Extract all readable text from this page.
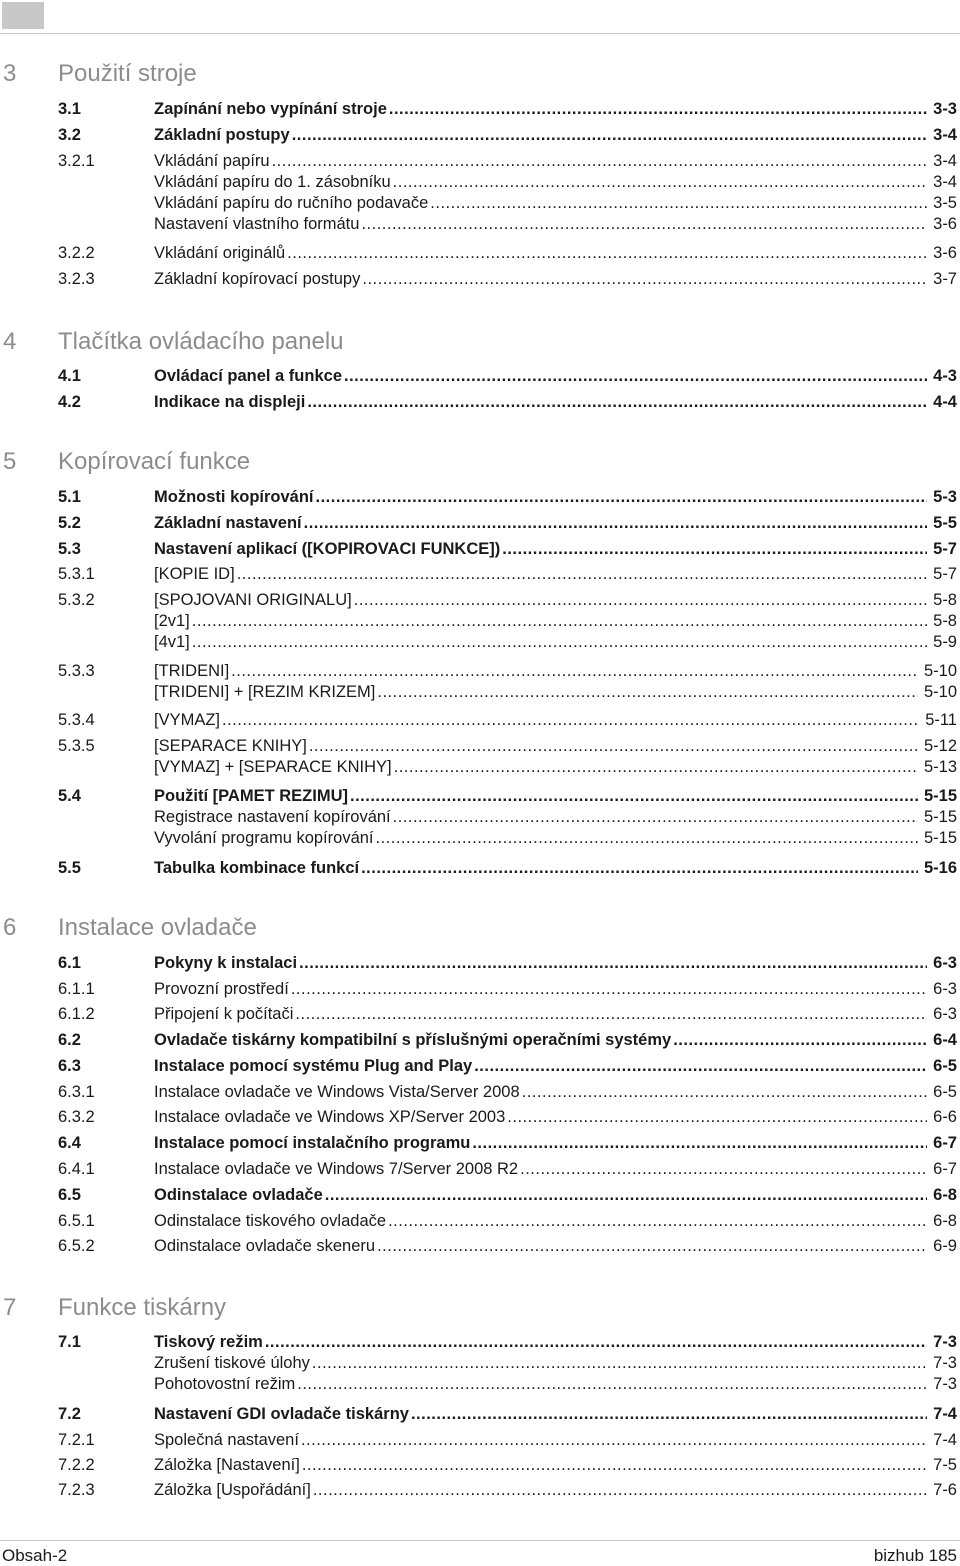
3 Použití stroje
3.1	Zapínání nebo vypínání stroje .....	3-3
3.2	Základní postupy .....	3-4
3.2.1	Vkládání papíru .....	3-4
Vkládání papíru do 1. zásobníku .....	3-4
Vkládání papíru do ručního podavače .....	3-5
Nastavení vlastního formátu .....	3-6
3.2.2	Vkládání originálů .....	3-6
3.2.3	Základní kopírovací postupy .....	3-7
4 Tlačítka ovládacího panelu
4.1	Ovládací panel a funkce .....	4-3
4.2	Indikace na displeji .....	4-4
5 Kopírovací funkce
5.1	Možnosti kopírování .....	5-3
5.2	Základní nastavení .....	5-5
5.3	Nastavení aplikací ([KOPIROVACI FUNKCE]) .....	5-7
5.3.1	[KOPIE ID] .....	5-7
5.3.2	[SPOJOVANI ORIGINALU] .....	5-8
[2v1] .....	5-8
[4v1] .....	5-9
5.3.3	[TRIDENI] .....	5-10
[TRIDENI] + [REZIM KRIZEM] .....	5-10
5.3.4	[VYMAZ] .....	5-11
5.3.5	[SEPARACE KNIHY] .....	5-12
[VYMAZ] + [SEPARACE KNIHY] .....	5-13
5.4	Použití [PAMET REZIMU] .....	5-15
Registrace nastavení kopírování .....	5-15
Vyvolání programu kopírování .....	5-15
5.5	Tabulka kombinace funkcí .....	5-16
6 Instalace ovladače
6.1	Pokyny k instalaci .....	6-3
6.1.1	Provozní prostředí .....	6-3
6.1.2	Připojení k počítači .....	6-3
6.2	Ovladače tiskárny kompatibilní s příslušnými operačními systémy .....	6-4
6.3	Instalace pomocí systému Plug and Play .....	6-5
6.3.1	Instalace ovladače ve Windows Vista/Server 2008 .....	6-5
6.3.2	Instalace ovladače ve Windows XP/Server 2003 .....	6-6
6.4	Instalace pomocí instalačního programu .....	6-7
6.4.1	Instalace ovladače ve Windows 7/Server 2008 R2 .....	6-7
6.5	Odinstalace ovladače .....	6-8
6.5.1	Odinstalace tiskového ovladače .....	6-8
6.5.2	Odinstalace ovladače skeneru .....	6-9
7 Funkce tiskárny
7.1	Tiskový režim .....	7-3
Zrušení tiskové úlohy .....	7-3
Pohotovostní režim .....	7-3
7.2	Nastavení GDI ovladače tiskárny .....	7-4
7.2.1	Společná nastavení .....	7-4
7.2.2	Záložka [Nastavení] .....	7-5
7.2.3	Záložka [Uspořádání] .....	7-6
Obsah-2	bizhub 185
